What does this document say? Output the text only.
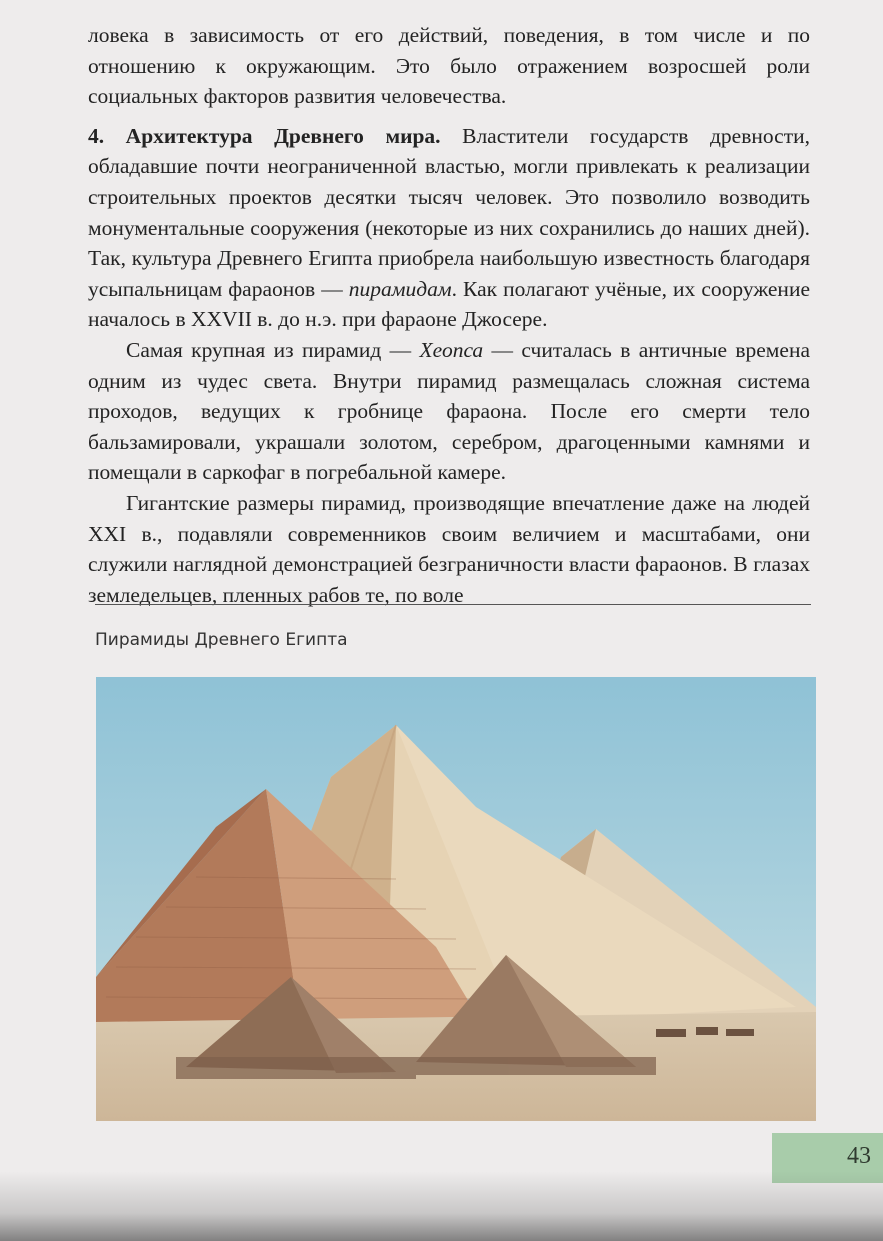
ловека в зависимость от его действий, поведения, в том числе и по отношению к окружающим. Это было отражением возросшей роли социальных факторов развития человечества.

4. Архитектура Древнего мира. Властители государств древности, обладавшие почти неограниченной властью, могли привлекать к реализации строительных проектов десятки тысяч человек. Это позволило возводить монументальные сооружения (некоторые из них сохранились до наших дней). Так, культура Древнего Египта приобрела наибольшую известность благодаря усыпальницам фараонов — пирамидам. Как полагают учёные, их сооружение началось в XXVII в. до н.э. при фараоне Джосере.

Самая крупная из пирамид — Хеопса — считалась в античные времена одним из чудес света. Внутри пирамид размещалась сложная система проходов, ведущих к гробнице фараона. После его смерти тело бальзамировали, украшали золотом, серебром, драгоценными камнями и помещали в саркофаг в погребальной камере.

Гигантские размеры пирамид, производящие впечатление даже на людей XXI в., подавляли современников своим величием и масштабами, они служили наглядной демонстрацией безграничности власти фараонов. В глазах земледельцев, пленных рабов те, по воле

Пирамиды Древнего Египта
43
